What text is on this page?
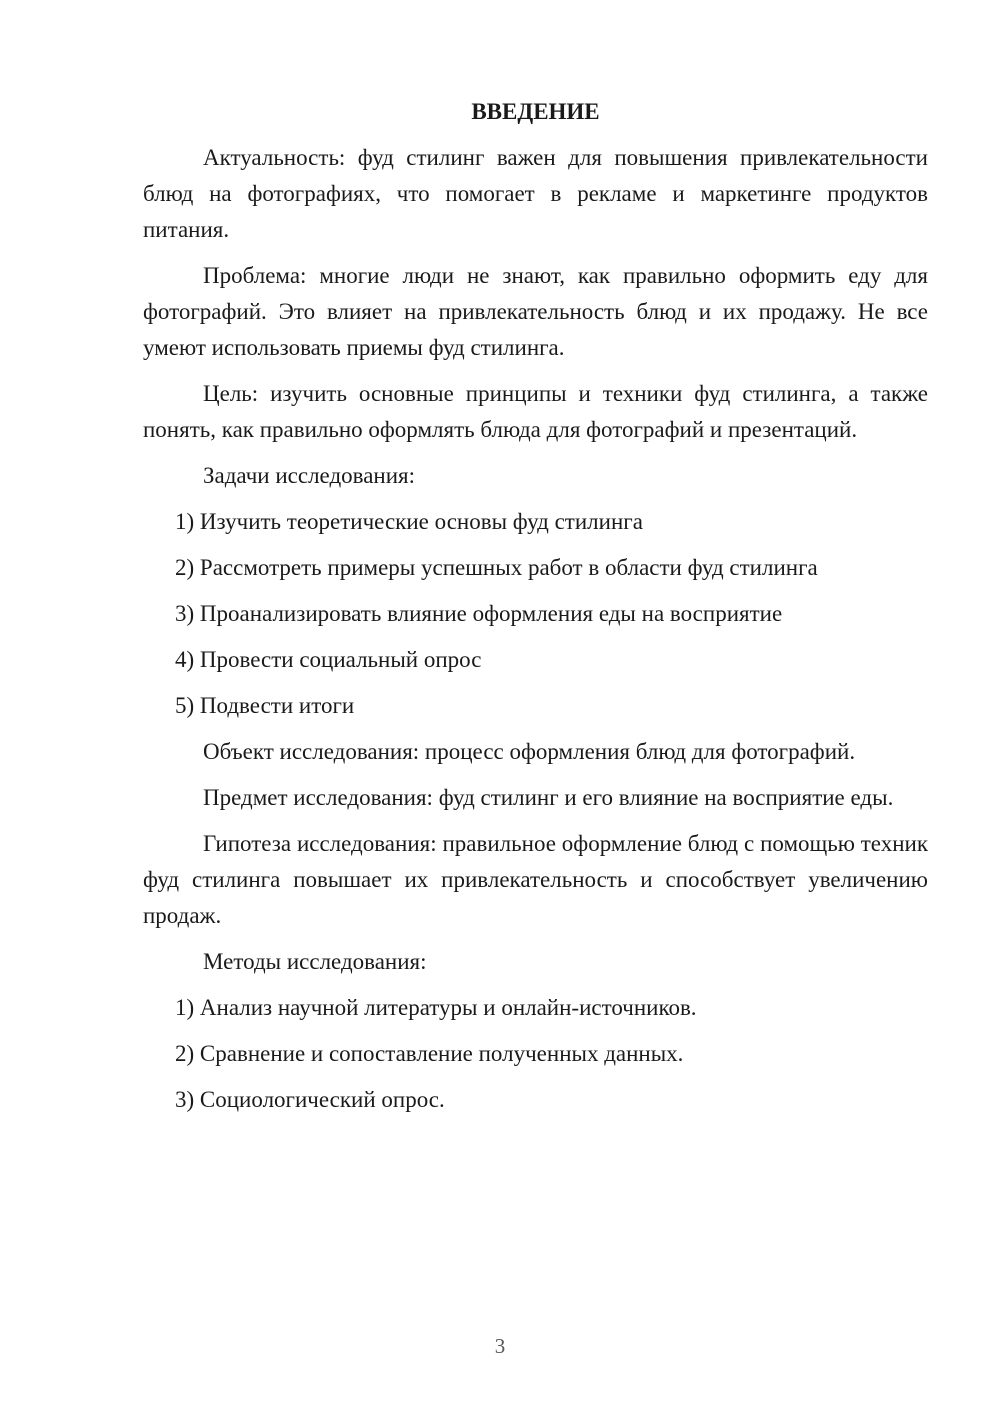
ВВЕДЕНИЕ

Актуальность: фуд стилинг важен для повышения привлекательности блюд на фотографиях, что помогает в рекламе и маркетинге продуктов питания.

Проблема: многие люди не знают, как правильно оформить еду для фотографий. Это влияет на привлекательность блюд и их продажу. Не все умеют использовать приемы фуд стилинга.

Цель: изучить основные принципы и техники фуд стилинга, а также понять, как правильно оформлять блюда для фотографий и презентаций.

Задачи исследования:

1) Изучить теоретические основы фуд стилинга
2) Рассмотреть примеры успешных работ в области фуд стилинга
3) Проанализировать влияние оформления еды на восприятие
4) Провести социальный опрос
5) Подвести итоги

Объект исследования: процесс оформления блюд для фотографий.

Предмет исследования: фуд стилинг и его влияние на восприятие еды.

Гипотеза исследования: правильное оформление блюд с помощью техник фуд стилинга повышает их привлекательность и способствует увеличению продаж.

Методы исследования:

1) Анализ научной литературы и онлайн-источников.
2) Сравнение и сопоставление полученных данных.
3) Социологический опрос.
3
